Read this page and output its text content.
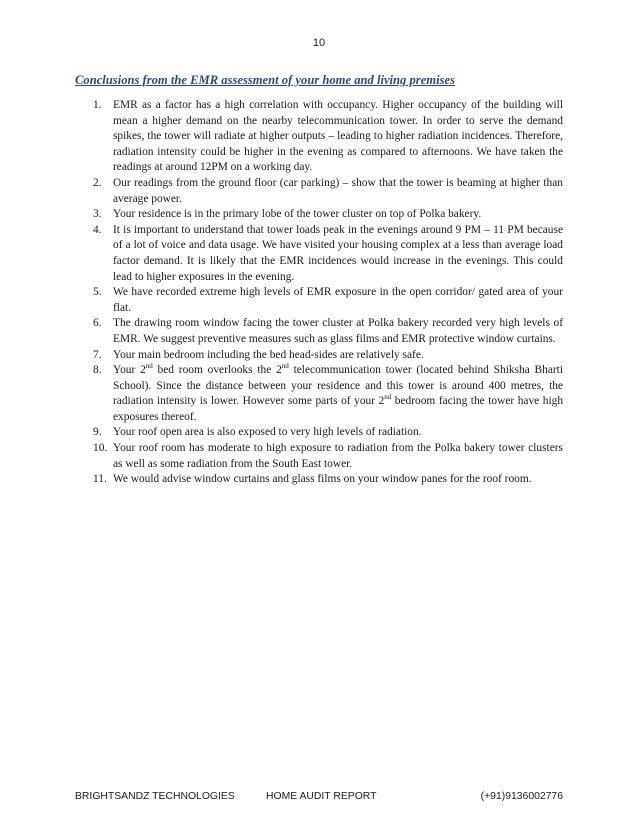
10
Conclusions from the EMR assessment of your home and living premises
1.	EMR as a factor has a high correlation with occupancy. Higher occupancy of the building will mean a higher demand on the nearby telecommunication tower. In order to serve the demand spikes, the tower will radiate at higher outputs – leading to higher radiation incidences. Therefore, radiation intensity could be higher in the evening as compared to afternoons. We have taken the readings at around 12PM on a working day.
2.	Our readings from the ground floor (car parking) – show that the tower is beaming at higher than average power.
3.	Your residence is in the primary lobe of the tower cluster on top of Polka bakery.
4.	It is important to understand that tower loads peak in the evenings around 9 PM – 11 PM because of a lot of voice and data usage. We have visited your housing complex at a less than average load factor demand. It is likely that the EMR incidences would increase in the evenings. This could lead to higher exposures in the evening.
5.	We have recorded extreme high levels of EMR exposure in the open corridor/ gated area of your flat.
6.	The drawing room window facing the tower cluster at Polka bakery recorded very high levels of EMR. We suggest preventive measures such as glass films and EMR protective window curtains.
7.	Your main bedroom including the bed head-sides are relatively safe.
8.	Your 2nd bed room overlooks the 2nd telecommunication tower (located behind Shiksha Bharti School). Since the distance between your residence and this tower is around 400 metres, the radiation intensity is lower. However some parts of your 2nd bedroom facing the tower have high exposures thereof.
9.	Your roof open area is also exposed to very high levels of radiation.
10. Your roof room has moderate to high exposure to radiation from the Polka bakery tower clusters as well as some radiation from the South East tower.
11. We would advise window curtains and glass films on your window panes for the roof room.
BRIGHTSANDZ TECHNOLOGIES	HOME AUDIT REPORT	(+91)9136002776
